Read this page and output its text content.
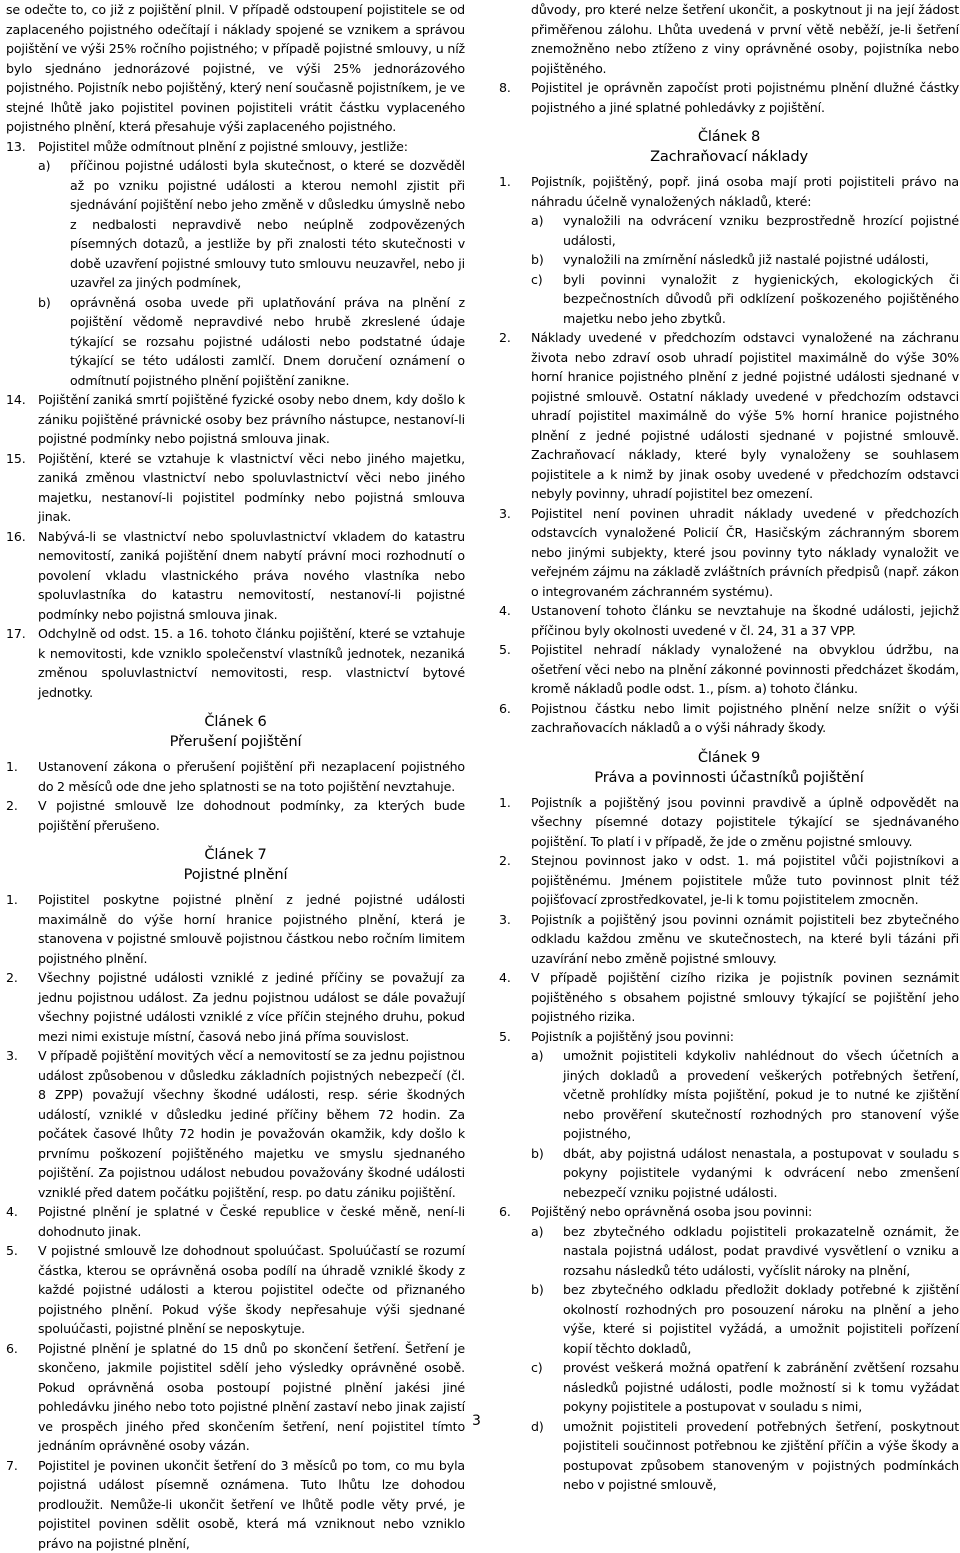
se odečte to, co již z pojištění plnil. V případě odstoupení pojistitele se od zaplaceného pojistného odečítají i náklady spojené se vznikem a správou pojištění ve výši 25% ročního pojistného; v případě pojistné smlouvy, u níž bylo sjednáno jednorázové pojistné, ve výši 25% jednorázového pojistného. Pojistník nebo pojištěný, který není současně pojistníkem, je ve stejné lhůtě jako pojistitel povinen pojistiteli vrátit částku vyplaceného pojistného plnění, která přesahuje výši zaplaceného pojistného.

13. Pojistitel může odmítnout plnění z pojistné smlouvy, jestliže:
a) příčinou pojistné události byla skutečnost, o které se dozvěděl až po vzniku pojistné události a kterou nemohl zjistit při sjednávání pojištění nebo jeho změně v důsledku úmyslně nebo z nedbalosti nepravdivě nebo neúplně zodpovězených písemných dotazů, a jestliže by při znalosti této skutečnosti v době uzavření pojistné smlouvy tuto smlouvu neuzavřel, nebo ji uzavřel za jiných podmínek,
b) oprávněná osoba uvede při uplatňování práva na plnění z pojištění vědomě nepravdivé nebo hrubě zkreslené údaje týkající se rozsahu pojistné události nebo podstatné údaje týkající se této události zamlčí. Dnem doručení oznámení o odmítnutí pojistného plnění pojištění zanikne.
14. Pojištění zaniká smrtí pojištěné fyzické osoby nebo dnem, kdy došlo k zániku pojištěné právnické osoby bez právního nástupce, nestanoví-li pojistné podmínky nebo pojistná smlouva jinak.
15. Pojištění, které se vztahuje k vlastnictví věci nebo jiného majetku, zaniká změnou vlastnictví nebo spoluvlastnictví věci nebo jiného majetku, nestanoví-li pojistitel podmínky nebo pojistná smlouva jinak.
16. Nabývá-li se vlastnictví nebo spoluvlastnictví vkladem do katastru nemovitostí, zaniká pojištění dnem nabytí právní moci rozhodnutí o povolení vkladu vlastnického práva nového vlastníka nebo spoluvlastníka do katastru nemovitostí, nestanoví-li pojistné podmínky nebo pojistná smlouva jinak.
17. Odchylně od odst. 15. a 16. tohoto článku pojištění, které se vztahuje k nemovitosti, kde vzniklo společenství vlastníků jednotek, nezaniká změnou spoluvlastnictví nemovitosti, resp. vlastnictví bytové jednotky.
Článek 6
Přerušení pojištění
1. Ustanovení zákona o přerušení pojištění při nezaplacení pojistného do 2 měsíců ode dne jeho splatnosti se na toto pojištění nevztahuje.
2. V pojistné smlouvě lze dohodnout podmínky, za kterých bude pojištění přerušeno.
Článek 7
Pojistné plnění
1. Pojistitel poskytne pojistné plnění z jedné pojistné události maximálně do výše horní hranice pojistného plnění, která je stanovena v pojistné smlouvě pojistnou částkou nebo ročním limitem pojistného plnění.
2. Všechny pojistné události vzniklé z jediné příčiny se považují za jednu pojistnou událost. Za jednu pojistnou událost se dále považují všechny pojistné události vzniklé z více příčin stejného druhu, pokud mezi nimi existuje místní, časová nebo jiná příma souvislost.
3. V případě pojištění movitých věcí a nemovitostí se za jednu pojistnou událost způsobenou v důsledku základních pojistných nebezpečí (čl. 8 ZPP) považují všechny škodné události, resp. série škodných událostí, vzniklé v důsledku jediné příčiny během 72 hodin. Za počátek časové lhůty 72 hodin je považován okamžik, kdy došlo k prvnímu poškození pojištěného majetku ve smyslu sjednaného pojištění. Za pojistnou událost nebudou považovány škodné události vzniklé před datem počátku pojištění, resp. po datu zániku pojištění.
4. Pojistné plnění je splatné v České republice v české měně, není-li dohodnuto jinak.
5. V pojistné smlouvě lze dohodnout spoluúčast. Spoluúčastí se rozumí částka, kterou se oprávněná osoba podílí na úhradě vzniklé škody z každé pojistné události a kterou pojistitel odečte od přiznaného pojistného plnění. Pokud výše škody nepřesahuje výši sjednané spoluúčasti, pojistné plnění se neposkytuje.
6. Pojistné plnění je splatné do 15 dnů po skončení šetření. Šetření je skončeno, jakmile pojistitel sdělí jeho výsledky oprávněné osobě. Pokud oprávněná osoba postoupí pojistné plnění jakési jiné pohledávku jiného nebo toto pojistné plnění zastaví nebo jinak zajistí ve prospěch jiného před skončením šetření, není pojistitel tímto jednáním oprávněné osoby vázán.
7. Pojistitel je povinen ukončit šetření do 3 měsíců po tom, co mu byla pojistná událost písemně oznámena. Tuto lhůtu lze dohodou prodloužit. Nemůže-li ukončit šetření ve lhůtě podle věty prvé, je pojistitel povinen sdělit osobě, která má vzniknout nebo vzniklo právo na pojistné plnění,

důvody, pro které nelze šetření ukončit, a poskytnout ji na její žádost přiměřenou zálohu. Lhůta uvedená v první větě neběží, je-li šetření znemožněno nebo ztíženo z viny oprávněné osoby, pojistníka nebo pojištěného.

8. Pojistitel je oprávněn započíst proti pojistnému plnění dlužné částky pojistného a jiné splatné pohledávky z pojištění.
Článek 8
Zachraňovací náklady
1. Pojistník, pojištěný, popř. jiná osoba mají proti pojistiteli právo na náhradu účelně vynaložených nákladů, které:
a) vynaložili na odvrácení vzniku bezprostředně hrozící pojistné události,
b) vynaložili na zmírnění následků již nastalé pojistné události,
c) byli povinni vynaložit z hygienických, ekologických či bezpečnostních důvodů při odklízení poškozeného pojištěného majetku nebo jeho zbytků.
2. Náklady uvedené v předchozím odstavci vynaložené na záchranu života nebo zdraví osob uhradí pojistitel maximálně do výše 30% horní hranice pojistného plnění z jedné pojistné události sjednané v pojistné smlouvě. Ostatní náklady uvedené v předchozím odstavci uhradí pojistitel maximálně do výše 5% horní hranice pojistného plnění z jedné pojistné události sjednané v pojistné smlouvě. Zachraňovací náklady, které byly vynaloženy se souhlasem pojistitele a k nimž by jinak osoby uvedené v předchozím odstavci nebyly povinny, uhradí pojistitel bez omezení.
3. Pojistitel není povinen uhradit náklady uvedené v předchozích odstavcích vynaložené Policií ČR, Hasičským záchranným sborem nebo jinými subjekty, které jsou povinny tyto náklady vynaložit ve veřejném zájmu na základě zvláštních právních předpisů (např. zákon o integrovaném záchranném systému).
4. Ustanovení tohoto článku se nevztahuje na škodné události, jejichž příčinou byly okolnosti uvedené v čl. 24, 31 a 37 VPP.
5. Pojistitel nehradí náklady vynaložené na obvyklou údržbu, na ošetření věci nebo na plnění zákonné povinnosti předcházet škodám, kromě nákladů podle odst. 1., písm. a) tohoto článku.
6. Pojistnou částku nebo limit pojistného plnění nelze snížit o výši zachraňovacích nákladů a o výši náhrady škody.
Článek 9
Práva a povinnosti účastníků pojištění
1. Pojistník a pojištěný jsou povinni pravdivě a úplně odpovědět na všechny písemné dotazy pojistitele týkající se sjednávaného pojištění. To platí i v případě, že jde o změnu pojistné smlouvy.
2. Stejnou povinnost jako v odst. 1. má pojistitel vůči pojistníkovi a pojištěnému. Jménem pojistitele může tuto povinnost plnit též pojišťovací zprostředkovatel, je-li k tomu pojistitelem zmocněn.
3. Pojistník a pojištěný jsou povinni oznámit pojistiteli bez zbytečného odkladu každou změnu ve skutečnostech, na které byli tázáni při uzavírání nebo změně pojistné smlouvy.
4. V případě pojištění cizího rizika je pojistník povinen seznámit pojištěného s obsahem pojistné smlouvy týkající se pojištění jeho pojistného rizika.
5. Pojistník a pojištěný jsou povinni:
a) umožnit pojistiteli kdykoliv nahlédnout do všech účetních a jiných dokladů a provedení veškerých potřebných šetření, včetně prohlídky místa pojištění, pokud je to nutné ke zjištění nebo prověření skutečností rozhodných pro stanovení výše pojistného,
b) dbát, aby pojistná událost nenastala, a postupovat v souladu s pokyny pojistitele vydanými k odvrácení nebo zmenšení nebezpečí vzniku pojistné události.
6. Pojištěný nebo oprávněná osoba jsou povinni:
a) bez zbytečného odkladu pojistiteli prokazatelně oznámit, že nastala pojistná událost, podat pravdivé vysvětlení o vzniku a rozsahu následků této události, vyčíslit nároky na plnění,
b) bez zbytečného odkladu předložit doklady potřebné k zjištění okolností rozhodných pro posouzení nároku na plnění a jeho výše, které si pojistitel vyžádá, a umožnit pojistiteli pořízení kopií těchto dokladů,
c) provést veškerá možná opatření k zabránění zvětšení rozsahu následků pojistné události, podle možností si k tomu vyžádat pokyny pojistitele a postupovat v souladu s nimi,
d) umožnit pojistiteli provedení potřebných šetření, poskytnout pojistiteli součinnost potřebnou ke zjištění příčin a výše škody a postupovat způsobem stanoveným v pojistných podmínkách nebo v pojistné smlouvě,
3
